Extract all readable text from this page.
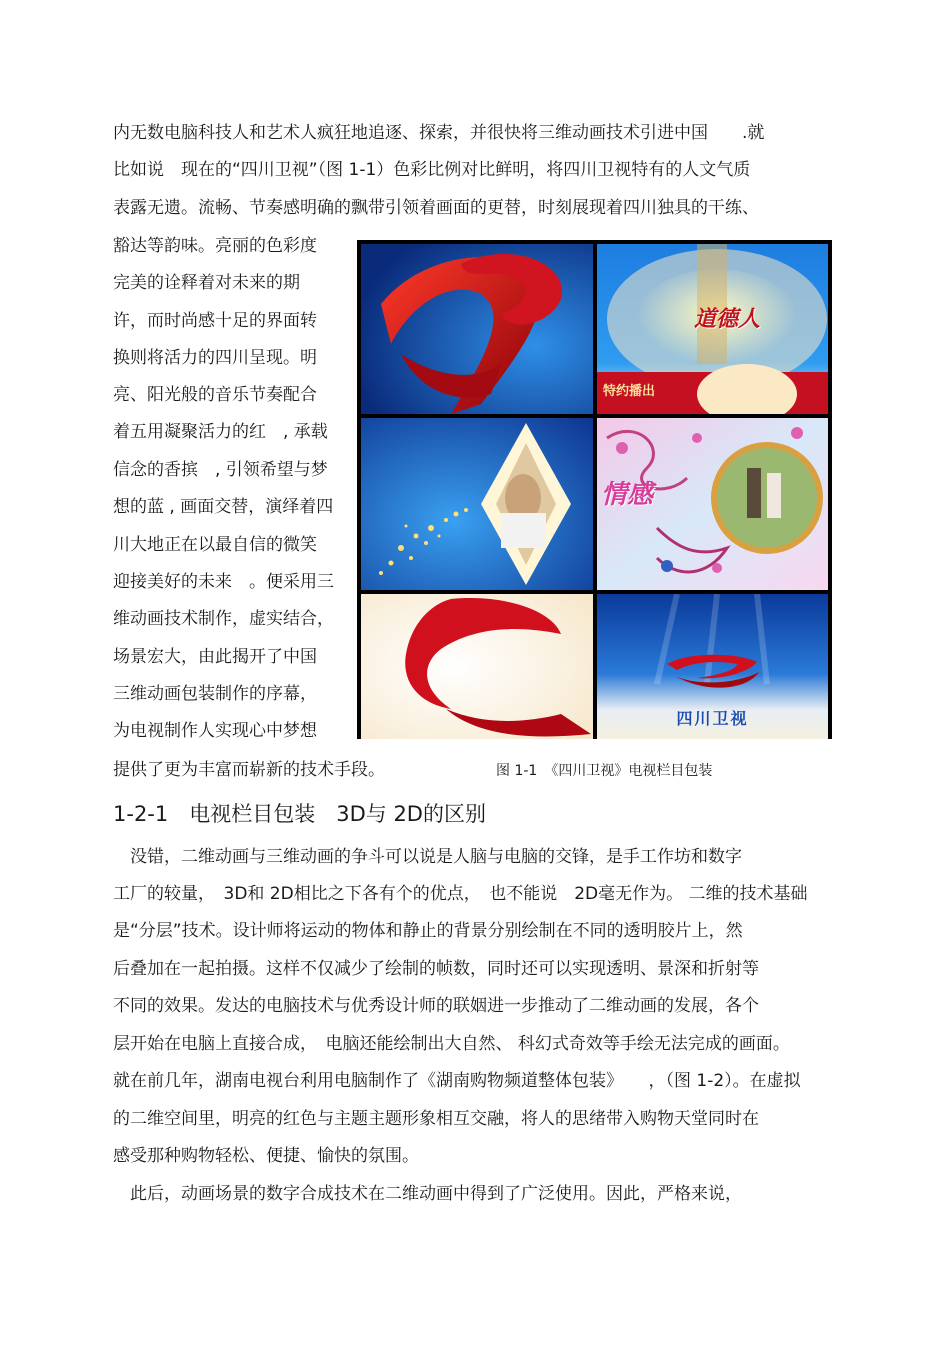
内无数电脑科技人和艺术人疯狂地追逐、探索，并很快将三维动画技术引进中国　　.就
比如说　现在的“四川卫视”（图 1-1）色彩比例对比鲜明，将四川卫视特有的人文气质
表露无遗。流畅、节奏感明确的飘带引领着画面的更替，时刻展现着四川独具的干练、
豁达等韵味。亮丽的色彩度
完美的诠释着对未来的期
许，而时尚感十足的界面转
换则将活力的四川呈现。明
亮、阳光般的音乐节奏配合
着五用凝聚活力的红　, 承载
信念的香摈　, 引领希望与梦
想的蓝 , 画面交替，演绎着四
川大地正在以最自信的微笑
迎接美好的未来　。便采用三
维动画技术制作，虚实结合，
场景宏大，由此揭开了中国
三维动画包装制作的序幕，
为电视制作人实现心中梦想
提供了更为丰富而崭新的技术手段。
道德人
特约播出
情感
四川卫视
图 1-1　《四川卫视》电视栏目包装
1-2-1　电视栏目包装　3D与 2D的区别
　没错，二维动画与三维动画的争斗可以说是人脑与电脑的交锋，是手工作坊和数字
工厂的较量，　3D和 2D相比之下各有个的优点，　也不能说　2D毫无作为。 二维的技术基础
是“分层”技术。设计师将运动的物体和静止的背景分别绘制在不同的透明胶片上，然
后叠加在一起拍摄。这样不仅减少了绘制的帧数，同时还可以实现透明、景深和折射等
不同的效果。发达的电脑技术与优秀设计师的联姻进一步推动了二维动画的发展，各个
层开始在电脑上直接合成，　电脑还能绘制出大自然、 科幻式奇效等手绘无法完成的画面。
就在前几年，湖南电视台利用电脑制作了《湖南购物频道整体包装》　　，（图 1-2）。在虚拟
的二维空间里，明亮的红色与主题主题形象相互交融，将人的思绪带入购物天堂同时在
感受那种购物轻松、便捷、愉快的氛围。
　此后，动画场景的数字合成技术在二维动画中得到了广泛使用。因此，严格来说，
